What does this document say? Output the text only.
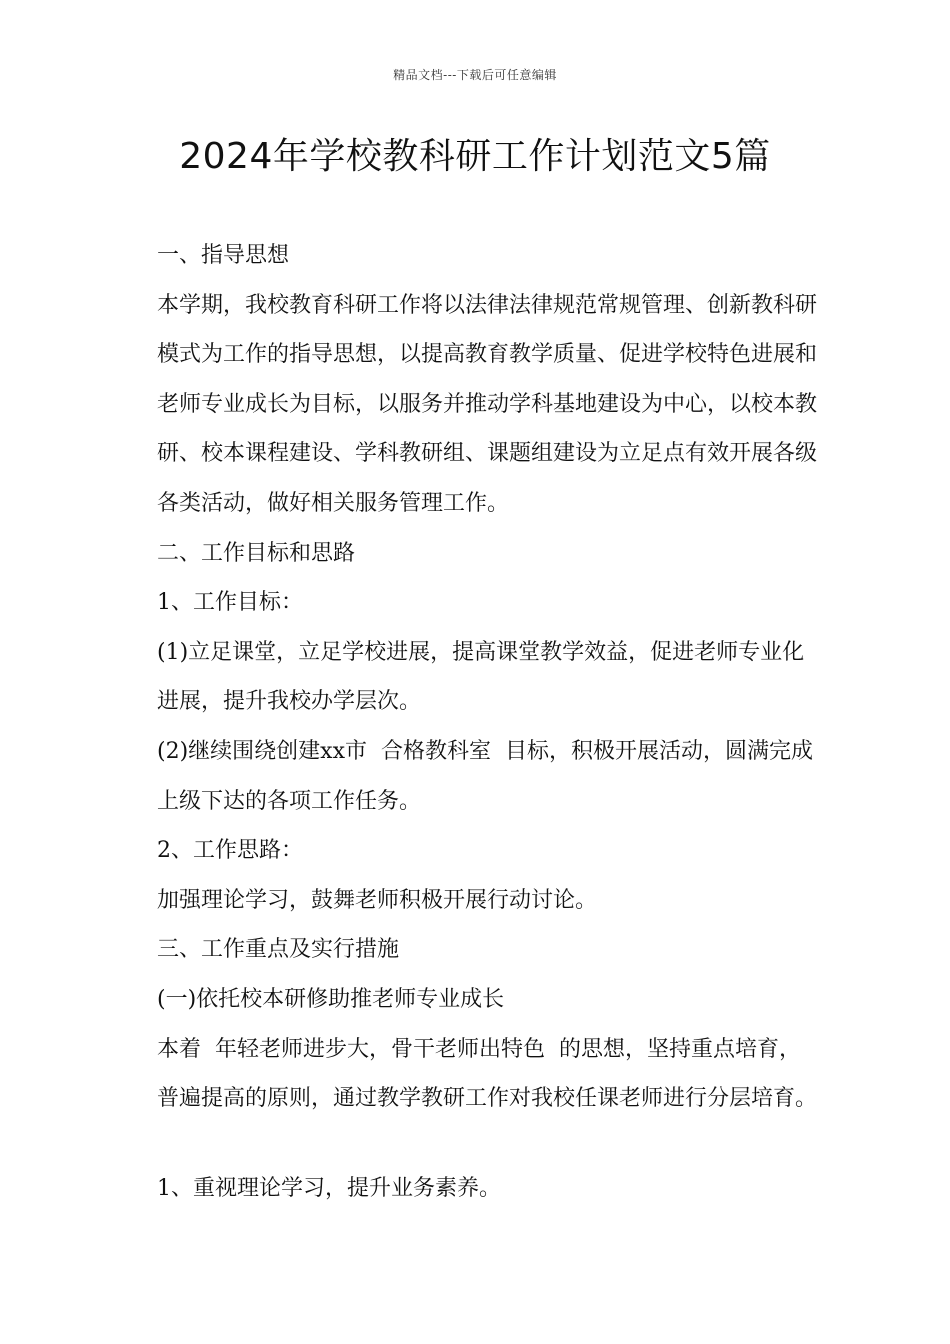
精品文档---下载后可任意编辑
2024年学校教科研工作计划范文5篇

一、指导思想

本学期，我校教育科研工作将以法律法律规范常规管理、创新教科研模式为工作的指导思想，以提高教育教学质量、促进学校特色进展和老师专业成长为目标，以服务并推动学科基地建设为中心，以校本教研、校本课程建设、学科教研组、课题组建设为立足点有效开展各级各类活动，做好相关服务管理工作。

二、工作目标和思路

1、工作目标：

(1)立足课堂，立足学校进展，提高课堂教学效益，促进老师专业化进展，提升我校办学层次。

(2)继续围绕创建xx市  合格教科室  目标，积极开展活动，圆满完成上级下达的各项工作任务。

2、工作思路：

加强理论学习，鼓舞老师积极开展行动讨论。

三、工作重点及实行措施

(一)依托校本研修助推老师专业成长

本着  年轻老师进步大，骨干老师出特色  的思想，坚持重点培育，普遍提高的原则，通过教学教研工作对我校任课老师进行分层培育。

1、重视理论学习，提升业务素养。
